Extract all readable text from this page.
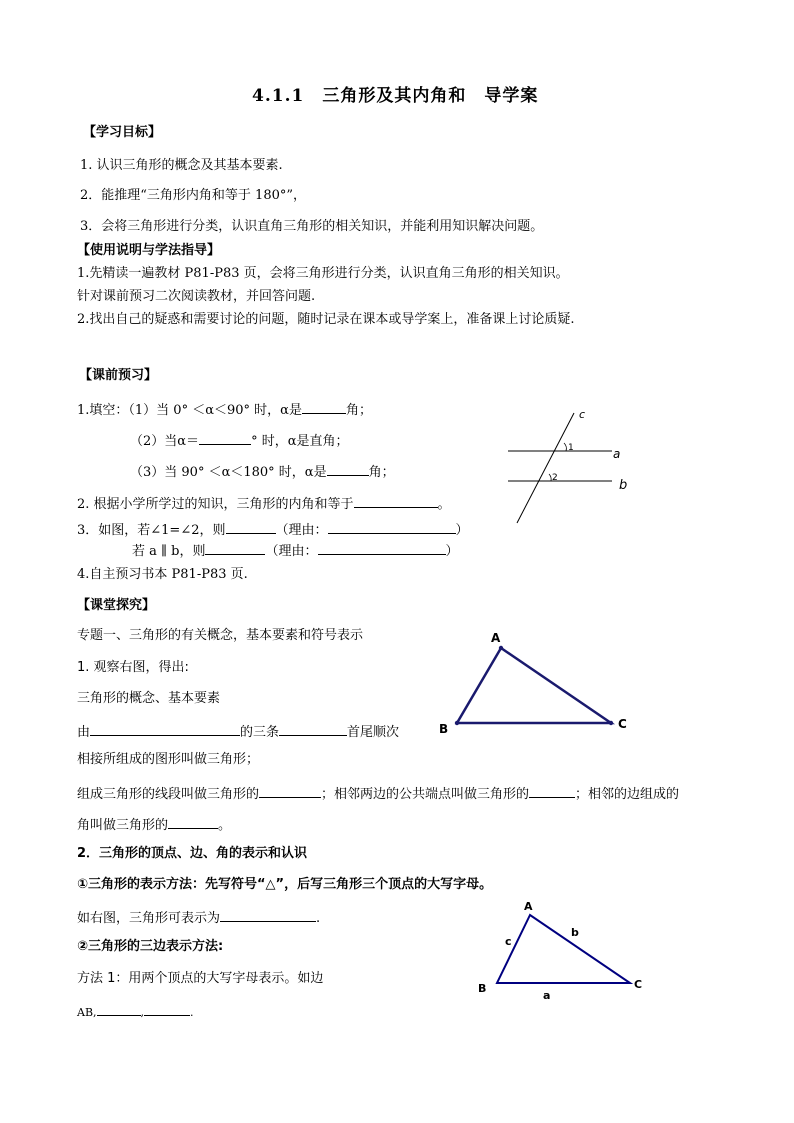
4.1.1　三角形及其内角和　导学案
【学习目标】
1. 认识三角形的概念及其基本要素.
2．能推理“三角形内角和等于 180°”，
3．会将三角形进行分类，认识直角三角形的相关知识，并能利用知识解决问题。
【使用说明与学法指导】
1.先精读一遍教材 P81-P83 页，会将三角形进行分类，认识直角三角形的相关知识。
针对课前预习二次阅读教材，并回答问题.
2.找出自己的疑惑和需要讨论的问题，随时记录在课本或导学案上，准备课上讨论质疑.
【课前预习】
1.填空：（1）当 0° ＜α＜90° 时，α是	角；
（2）当α＝	° 时，α是直角；
（3）当 90° ＜α＜180° 时，α是	角；
2. 根据小学所学过的知识，三角形的内角和等于	。
3．如图，若∠1=∠2，则	（理由：	）
若 a ∥ b，则	（理由：	）
4.自主预习书本 P81-P83 页.
c
a
b
1
2
【课堂探究】
专题一、三角形的有关概念，基本要素和符号表示
1. 观察右图，得出:
三角形的概念、基本要素
由	的三条	首尾顺次
相接所组成的图形叫做三角形；
组成三角形的线段叫做三角形的	；相邻两边的公共端点叫做三角形的	；相邻的边组成的
角叫做三角形的	。
2．三角形的顶点、边、角的表示和认识
①三角形的表示方法：先写符号“△”，后写三角形三个顶点的大写字母。
如右图，三角形可表示为	.
②三角形的三边表示方法:
方法 1：用两个顶点的大写字母表示。如边
AB,	,	.
A
B	C
A
B	C
c
b
a
